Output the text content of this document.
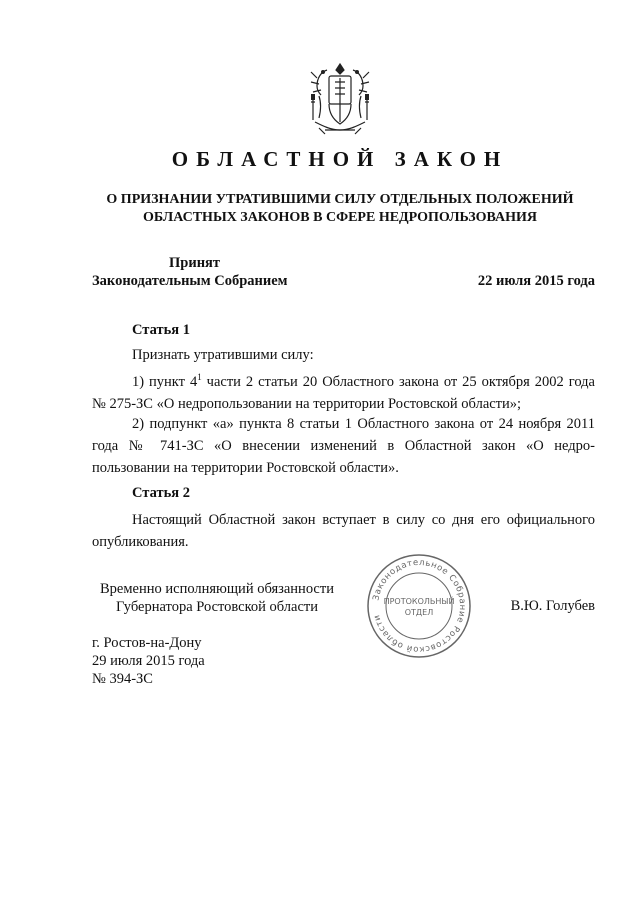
ОБЛАСТНОЙ ЗАКОН
О ПРИЗНАНИИ УТРАТИВШИМИ СИЛУ ОТДЕЛЬНЫХ ПОЛОЖЕНИЙ
ОБЛАСТНЫХ ЗАКОНОВ В СФЕРЕ НЕДРОПОЛЬЗОВАНИЯ
Принят
Законодательным Собранием	22 июля 2015 года
Статья 1
Признать утратившими силу:
1) пункт $4^1$ части 2 статьи 20 Областного закона от 25 октября 2002 года № 275-ЗС «О недропользовании на территории Ростовской области»;
2) подпункт «а» пункта 8 статьи 1 Областного закона от 24 ноября 2011 года № 741-ЗС «О внесении изменений в Областной закон «О недро-пользовании на территории Ростовской области».
Статья 2
Настоящий Областной закон вступает в силу со дня его официального опубликования.
Временно исполняющий обязанности
Губернатора Ростовской области
Законодательное Собрание Ростовской области
ПРОТОКОЛЬНЫЙ
ОТДЕЛ	В.Ю. Голубев
г. Ростов-на-Дону
29 июля 2015 года
№ 394-ЗС
